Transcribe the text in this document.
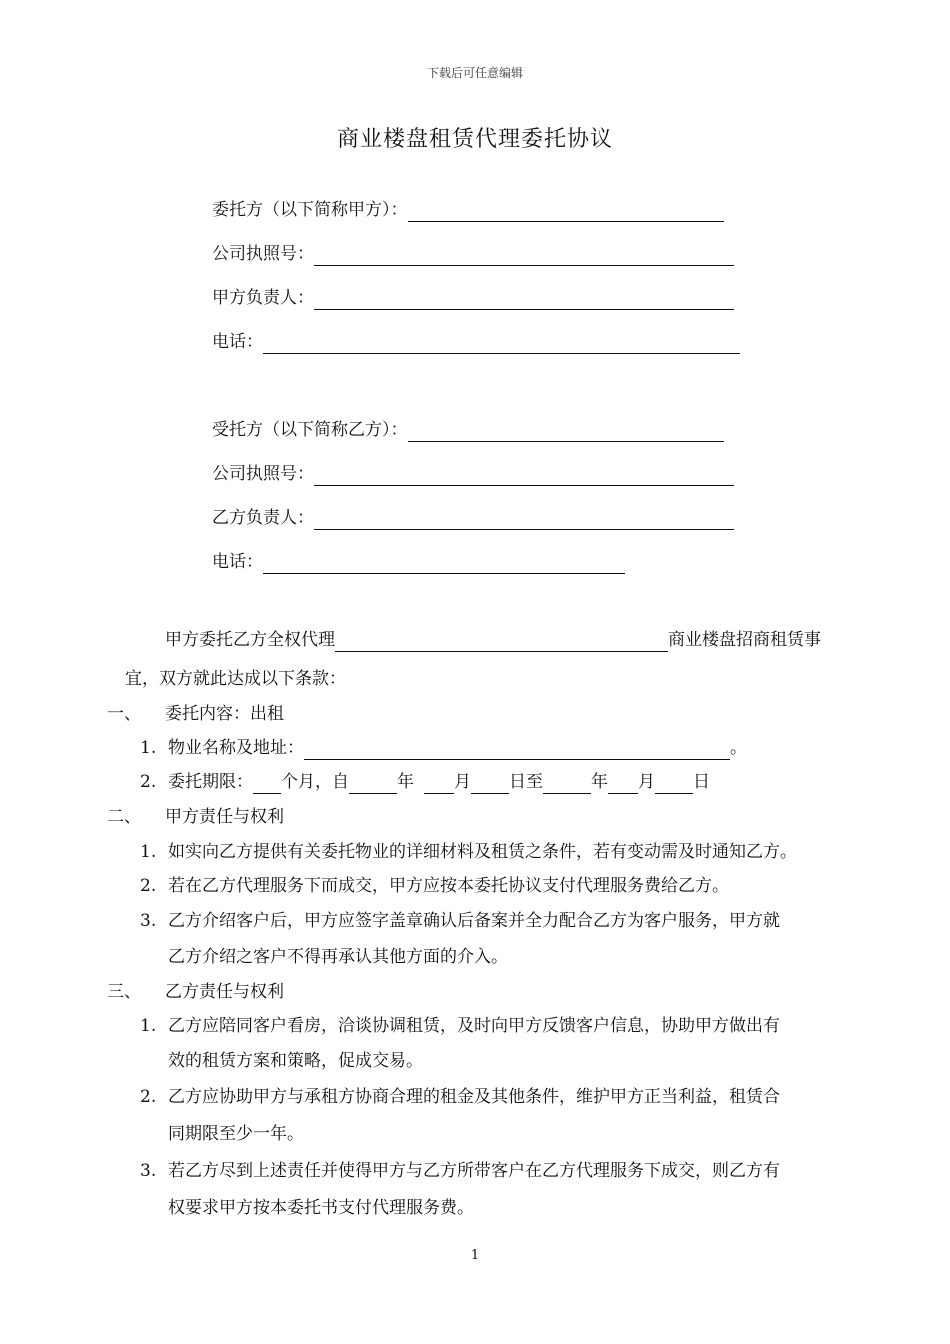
下载后可任意编辑
商业楼盘租赁代理委托协议
委托方（以下简称甲方）：
公司执照号：
甲方负责人：
电话：
受托方（以下简称乙方）：
公司执照号：
乙方负责人：
电话：
甲方委托乙方全权代理	商业楼盘招商租赁事
宜，双方就此达成以下条款：
一、 委托内容：出租
1. 物业名称及地址：	。
2. 委托期限： 个月，自	年 月 日至	年 月 日
二、 甲方责任与权利
1. 如实向乙方提供有关委托物业的详细材料及租赁之条件，若有变动需及时通知乙方。
2. 若在乙方代理服务下而成交，甲方应按本委托协议支付代理服务费给乙方。
3. 乙方介绍客户后，甲方应签字盖章确认后备案并全力配合乙方为客户服务，甲方就
乙方介绍之客户不得再承认其他方面的介入。
三、 乙方责任与权利
1. 乙方应陪同客户看房，洽谈协调租赁，及时向甲方反馈客户信息，协助甲方做出有
效的租赁方案和策略，促成交易。
2. 乙方应协助甲方与承租方协商合理的租金及其他条件，维护甲方正当利益，租赁合
同期限至少一年。
3. 若乙方尽到上述责任并使得甲方与乙方所带客户在乙方代理服务下成交，则乙方有
权要求甲方按本委托书支付代理服务费。
1
